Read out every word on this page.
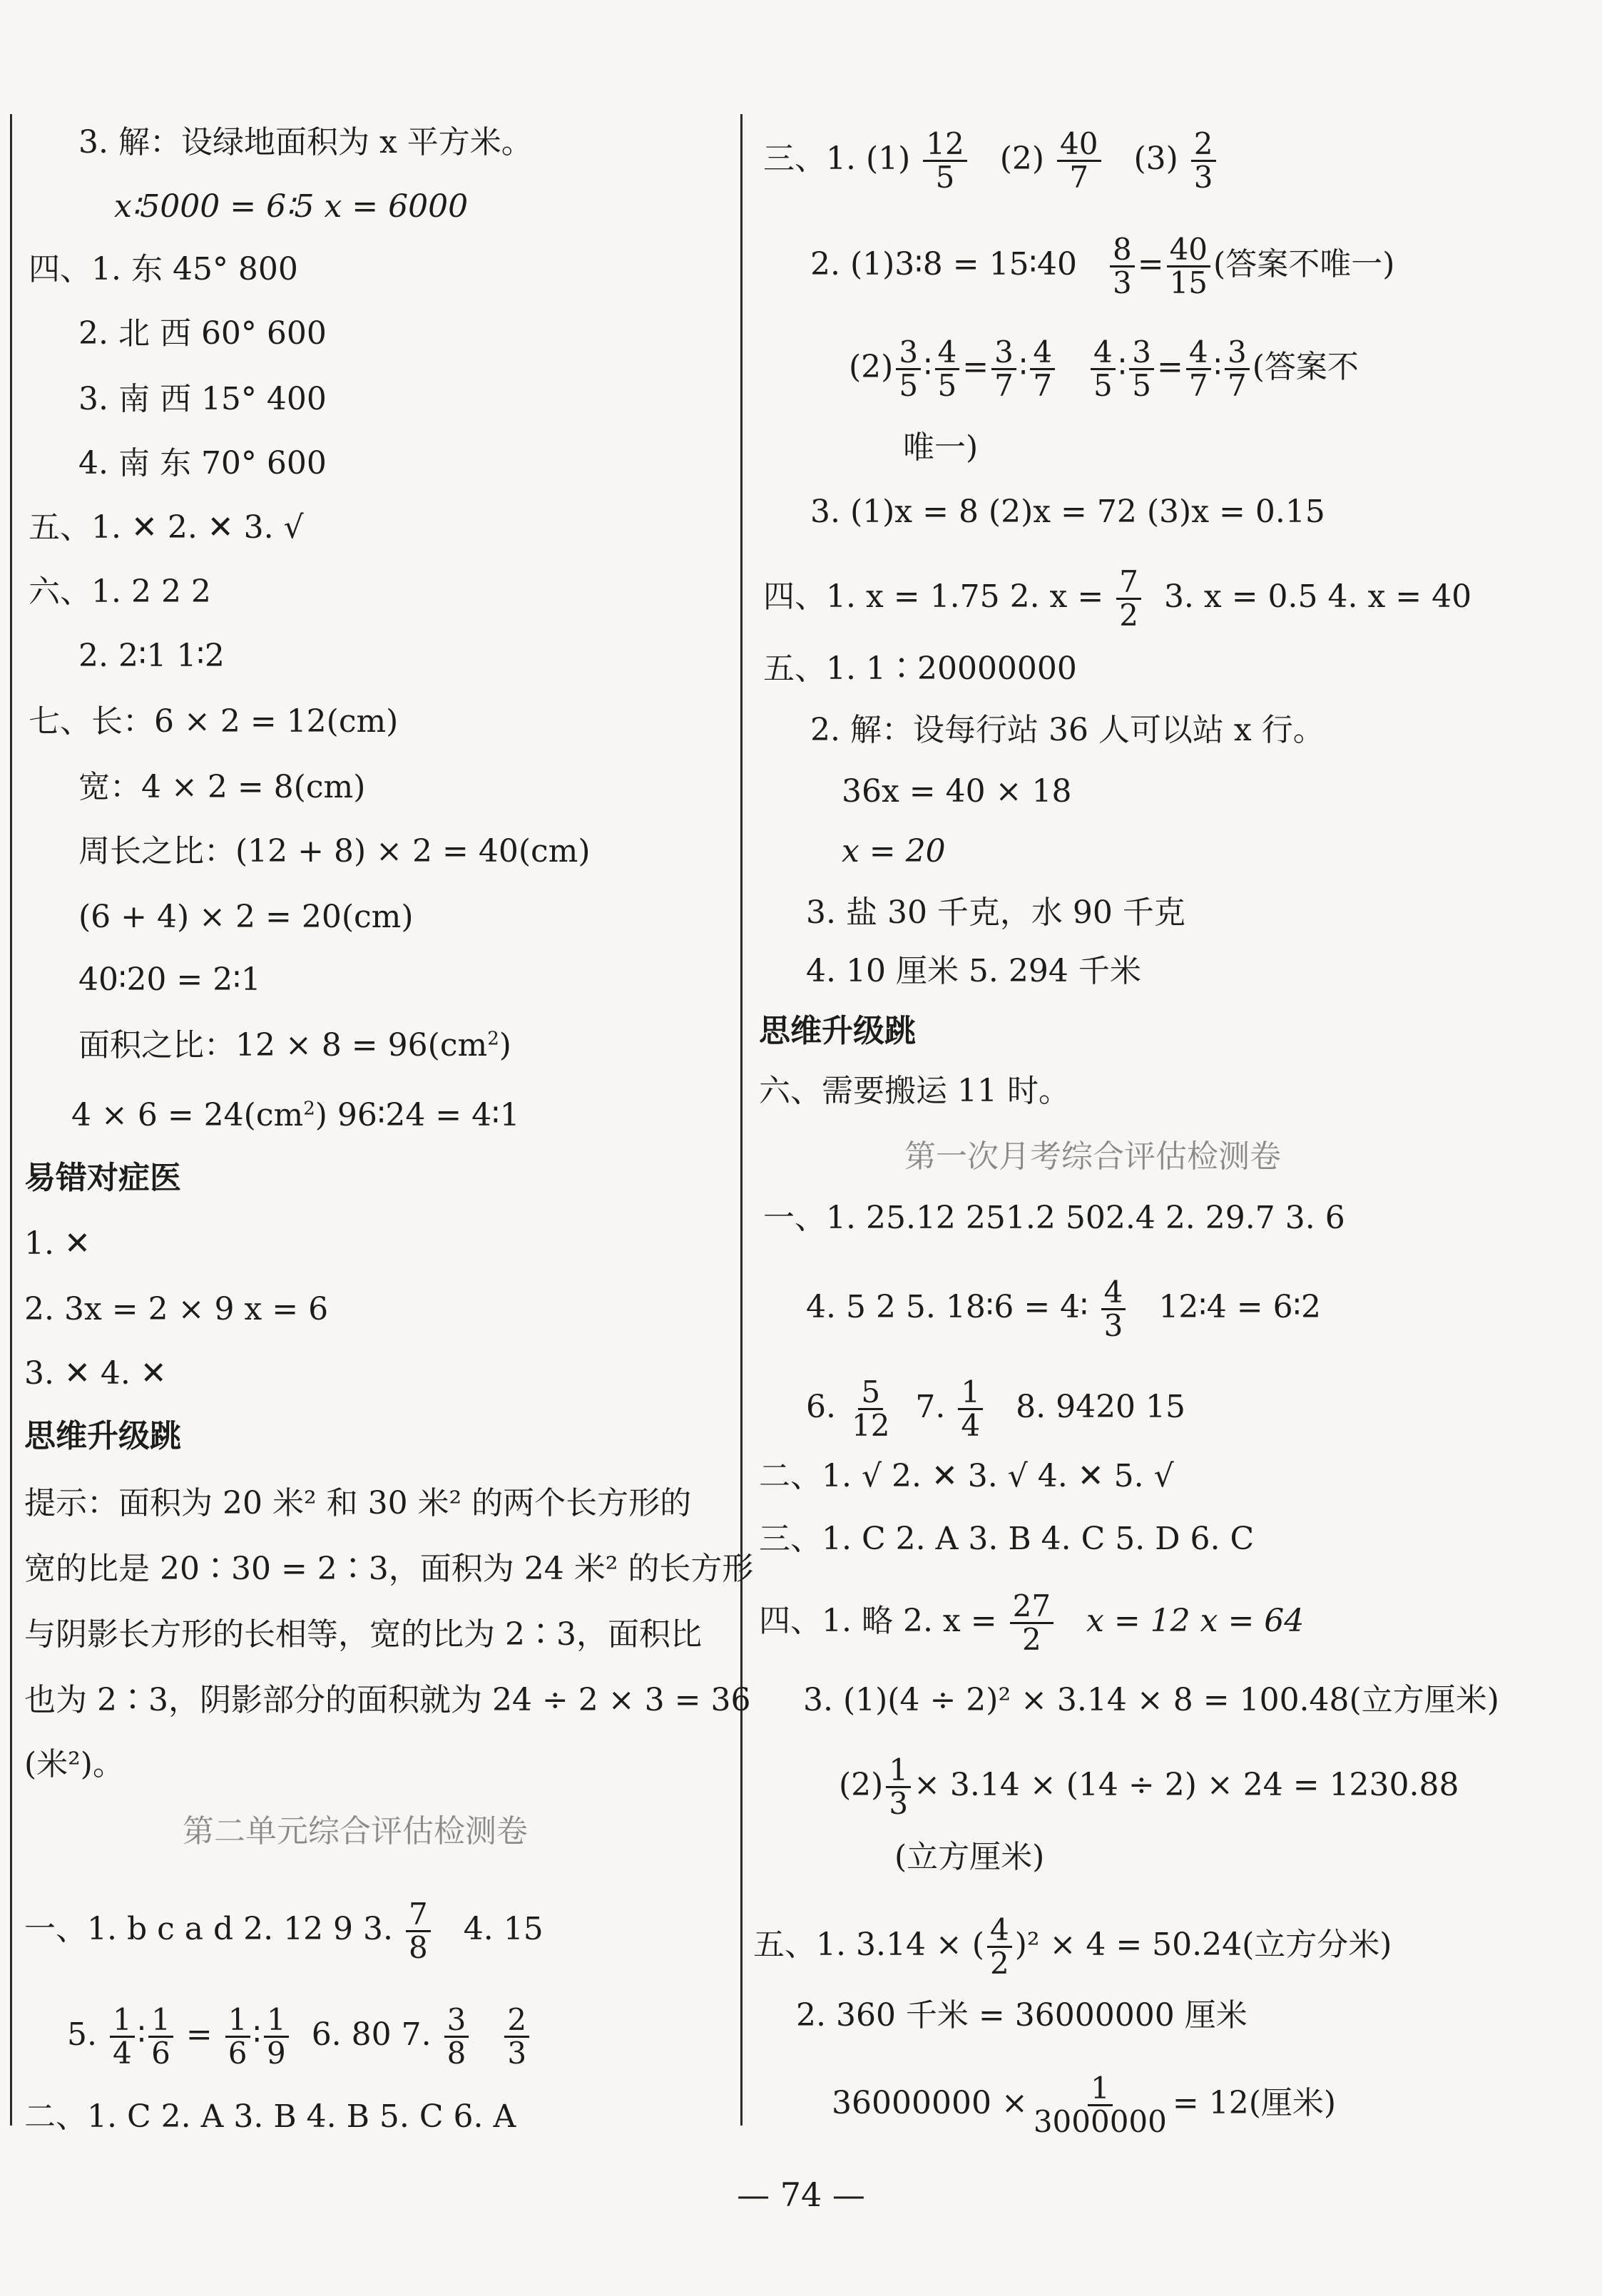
3. 解：设绿地面积为 x 平方米。
x∶5000 = 6∶5 x = 6000
四、1. 东 45° 800
2. 北 西 60° 600
3. 南 西 15° 400
4. 南 东 70° 600
五、1. ✕ 2. ✕ 3. √
六、1. 2 2 2
2. 2∶1 1∶2
七、长：6 × 2 = 12(cm)
宽：4 × 2 = 8(cm)
周长之比：(12 + 8) × 2 = 40(cm)
(6 + 4) × 2 = 20(cm)
40∶20 = 2∶1
面积之比：$12 \times 8 = 96(cm^2)$
$4 \times 6 = 24(cm^2)$ 96∶24 = 4∶1
易错对症医
1. ✕
2. 3x = 2 × 9 x = 6
3. ✕ 4. ✕
思维升级跳
提示：面积为 20 米² 和 30 米² 的两个长方形的
宽的比是 20∶30 = 2∶3，面积为 24 米² 的长方形
与阴影长方形的长相等，宽的比为 2∶3，面积比
也为 2∶3，阴影部分的面积就为 24 ÷ 2 × 3 = 36
(米²)。
第二单元综合评估检测卷
一、1. b c a d 2. 12 9 3. $\frac{7}{8} 4$. 15
5. $\frac{1}{4}$ ∶ $\frac{1}{6} = \frac{1}{6}$ ∶ $\frac{1}{9} 6$. 80 7. $\frac{3}{8}$
$\frac{2}{3}$
二、1. C 2. A 3. B 4. B 5. C 6. A
三、1. $(1) \frac{12}{5} (2) \frac{40}{7} (3) \frac{2}{3}$
2. (1)3∶8 = 15∶40 $\frac{8}{3} = \frac{40}{15}$ (答案不唯一)
$(2) \frac{3}{5}$ ∶ $\frac{4}{5} = \frac{3}{7}$ ∶ $\frac{4}{7}$
$\frac{4}{5}$ ∶ $\frac{3}{5} = \frac{4}{7}$ ∶ $\frac{3}{7}$ (答案不
唯一)
3. (1)x = 8 (2)x = 72 (3)x = 0.15
四、1. x = 1.75 2. $x = \frac{7}{2} 3$. x = 0.5 4. x = 40
五、1. 1∶20000000
2. 解：设每行站 36 人可以站 x 行。
36x = 40 × 18
x = 20
3. 盐 30 千克，水 90 千克
4. 10 厘米 5. 294 千米
思维升级跳
六、需要搬运 11 时。
第一次月考综合评估检测卷
一、1. 25.12 251.2 502.4 2. 29.7 3. 6
4. 5 2 5. 18∶6 = 4∶ $\frac{4}{3}$ 12∶4 = 6∶2
6. $\frac{5}{12} 7$. $\frac{1}{4} 8$. 9420 15
二、1. √ 2. ✕ 3. √ 4. ✕ 5. √
三、1. C 2. A 3. B 4. C 5. D 6. C
四、1. 略 2. $x = \frac{27}{2}$ x = 12 x = 64
3. (1)(4 ÷ 2)² × 3.14 × 8 = 100.48(立方厘米)
$(2) \frac{1}{3} \times 3.14 \times (14 \div 2) \times 24 = 1230.88$
(立方厘米)
五、1. 3.14 × ( $\frac{4}{2} )^2 \times 4 = 50.24$(立方分米)
2. 360 千米 = 36000000 厘米
$36000000 \times \frac{1}{3000000} = 12$(厘米)
— 74 —
